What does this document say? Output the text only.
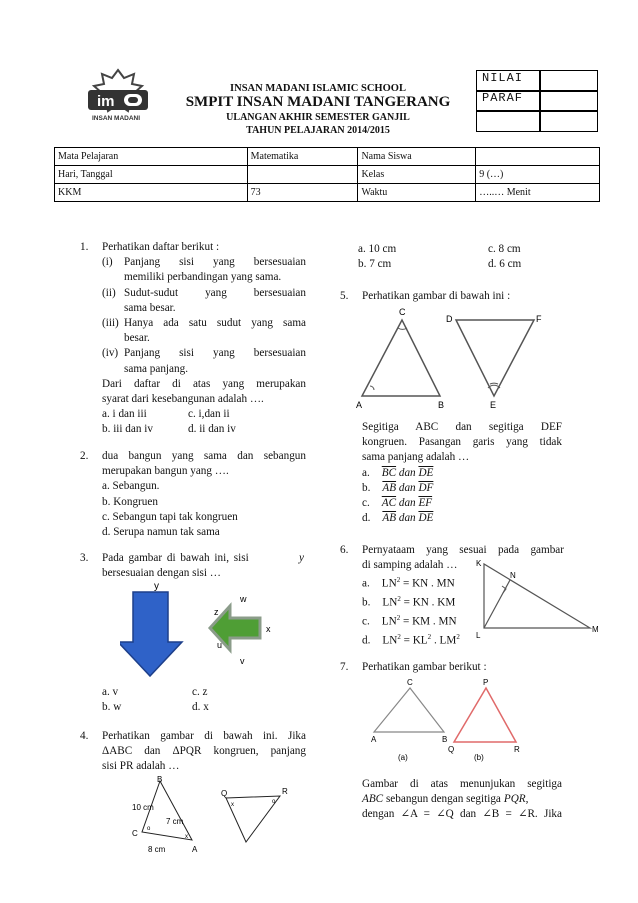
im
INSAN MADANI
INSAN MADANI ISLAMIC SCHOOL
SMPIT INSAN MADANI TANGERANG
ULANGAN AKHIR SEMESTER GANJIL
TAHUN PELAJARAN 2014/2015
NILAI
PARAF
Mata Pelajaran	Matematika	Nama Siswa	
Hari, Tanggal		Kelas	9 (…)
KKM	73	Waktu	…..… Menit
1. Perhatikan daftar berikut :
(i) Panjang sisi yang bersesuaian
memiliki perbandingan yang sama.
(ii) Sudut-sudut yang bersesuaian
sama besar.
(iii) Hanya ada satu sudut yang sama
besar.
(iv) Panjang sisi yang bersesuaian
sama panjang.
Dari daftar di atas yang merupakan
syarat dari kesebangunan adalah ….
a. i dan iii	c. i,dan ii
b. iii dan iv	d. ii dan iv
2. dua bangun yang sama dan sebangun
merupakan bangun yang ….
a. Sebangun.
b. Kongruen
c. Sebangun tapi tak kongruen
d. Serupa namun tak sama
3. Pada gambar di bawah ini, sisi	y
bersesuaian dengan sisi …
y
w
z
x
u
v
a. v	c. z
b. w	d. x
4. Perhatikan gambar di bawah ini. Jika
ΔABC dan ΔPQR kongruen, panjang
sisi PR adalah …
B
C
A
10 cm
7 cm
8 cm
o
x
Q	R
x	o
a. 10 cm	c. 8 cm
b. 7 cm	d. 6 cm
5. Perhatikan gambar di bawah ini :
C
A	B
D	F
E
Segitiga ABC dan segitiga DEF
kongruen. Pasangan garis yang tidak
sama panjang adalah …
a. $\overline{BC}$ dan $\overline{DE}$
b. $\overline{AB}$ dan $\overline{DF}$
c. $\overline{AC}$ dan $\overline{EF}$
d. $\overline{AB}$ dan $\overline{DE}$
6. Pernyataam yang sesuai pada gambar
di samping adalah …
a. $LN^2$ = KN . MN
b. $LN^2$ = KN . KM
c. $LN^2$ = KM . MN
d. $LN^2 = KL^2$ . $LM^2$
K
N
L
M
7. Perhatikan gambar berikut :
C
A	B
(a)
P
Q	R
(b)
Gambar di atas menunjukan segitiga
ABC sebangun dengan segitiga PQR,
dengan ∠A = ∠Q dan ∠B = ∠R. Jika
